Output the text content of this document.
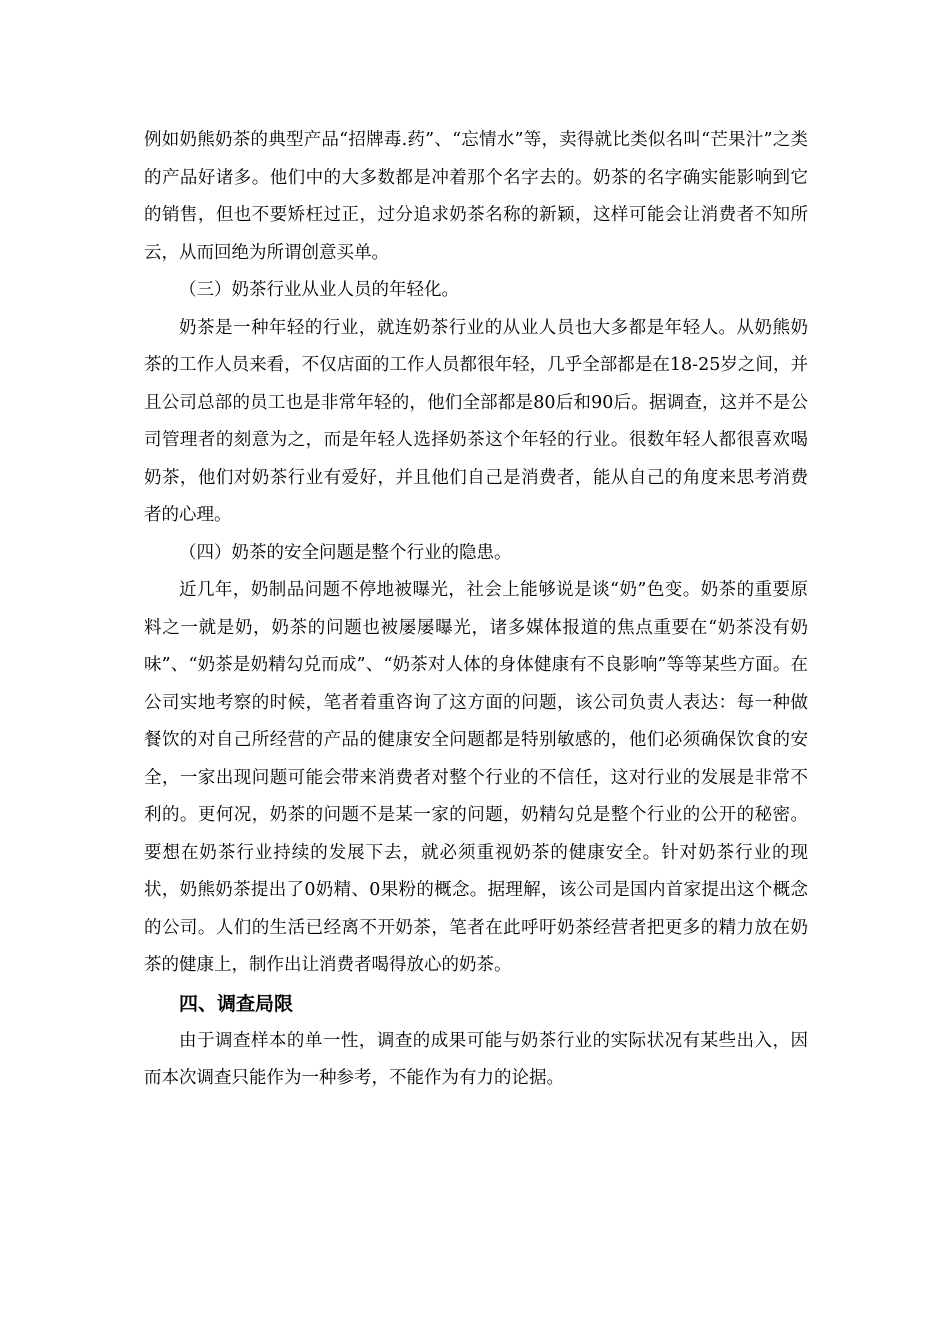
例如奶熊奶茶的典型产品“招牌毒.药”、“忘情水”等，卖得就比类似名叫“芒果汁”之类的产品好诸多。他们中的大多数都是冲着那个名字去的。奶茶的名字确实能影响到它的销售，但也不要矫枉过正，过分追求奶茶名称的新颖，这样可能会让消费者不知所云，从而回绝为所谓创意买单。

（三）奶茶行业从业人员的年轻化。

奶茶是一种年轻的行业，就连奶茶行业的从业人员也大多都是年轻人。从奶熊奶茶的工作人员来看，不仅店面的工作人员都很年轻，几乎全部都是在18-25岁之间，并且公司总部的员工也是非常年轻的，他们全部都是80后和90后。据调查，这并不是公司管理者的刻意为之，而是年轻人选择奶茶这个年轻的行业。很数年轻人都很喜欢喝奶茶，他们对奶茶行业有爱好，并且他们自己是消费者，能从自己的角度来思考消费者的心理。

（四）奶茶的安全问题是整个行业的隐患。

近几年，奶制品问题不停地被曝光，社会上能够说是谈“奶”色变。奶茶的重要原料之一就是奶，奶茶的问题也被屡屡曝光，诸多媒体报道的焦点重要在“奶茶没有奶味”、“奶茶是奶精勾兑而成”、“奶茶对人体的身体健康有不良影响”等等某些方面。在公司实地考察的时候，笔者着重咨询了这方面的问题，该公司负责人表达：每一种做餐饮的对自己所经营的产品的健康安全问题都是特别敏感的，他们必须确保饮食的安全，一家出现问题可能会带来消费者对整个行业的不信任，这对行业的发展是非常不利的。更何况，奶茶的问题不是某一家的问题，奶精勾兑是整个行业的公开的秘密。要想在奶茶行业持续的发展下去，就必须重视奶茶的健康安全。针对奶茶行业的现状，奶熊奶茶提出了0奶精、0果粉的概念。据理解，该公司是国内首家提出这个概念的公司。人们的生活已经离不开奶茶，笔者在此呼吁奶茶经营者把更多的精力放在奶茶的健康上，制作出让消费者喝得放心的奶茶。

四、调查局限

由于调查样本的单一性，调查的成果可能与奶茶行业的实际状况有某些出入，因而本次调查只能作为一种参考，不能作为有力的论据。
